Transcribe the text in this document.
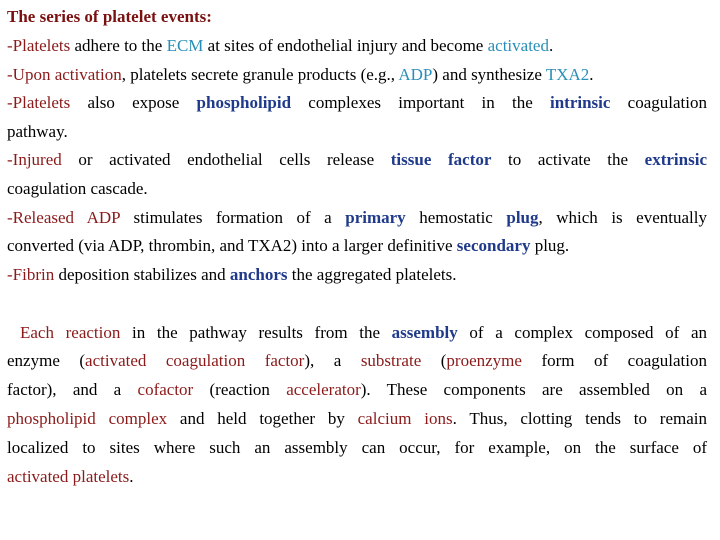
The series of platelet events:
-Platelets adhere to the ECM at sites of endothelial injury and become activated.
-Upon activation, platelets secrete granule products (e.g., ADP) and synthesize TXA2.
-Platelets also expose phospholipid complexes important in the intrinsic coagulation
pathway.
-Injured or activated endothelial cells release tissue factor to activate the extrinsic
coagulation cascade.
-Released ADP stimulates formation of a primary hemostatic plug, which is eventually
converted (via ADP, thrombin, and TXA2) into a larger definitive secondary plug.
-Fibrin deposition stabilizes and anchors the aggregated platelets.
Each reaction in the pathway results from the assembly of a complex composed of an
enzyme (activated coagulation factor), a substrate (proenzyme form of coagulation
factor), and a cofactor (reaction accelerator). These components are assembled on a
phospholipid complex and held together by calcium ions. Thus, clotting tends to remain
localized to sites where such an assembly can occur, for example, on the surface of
activated platelets.
